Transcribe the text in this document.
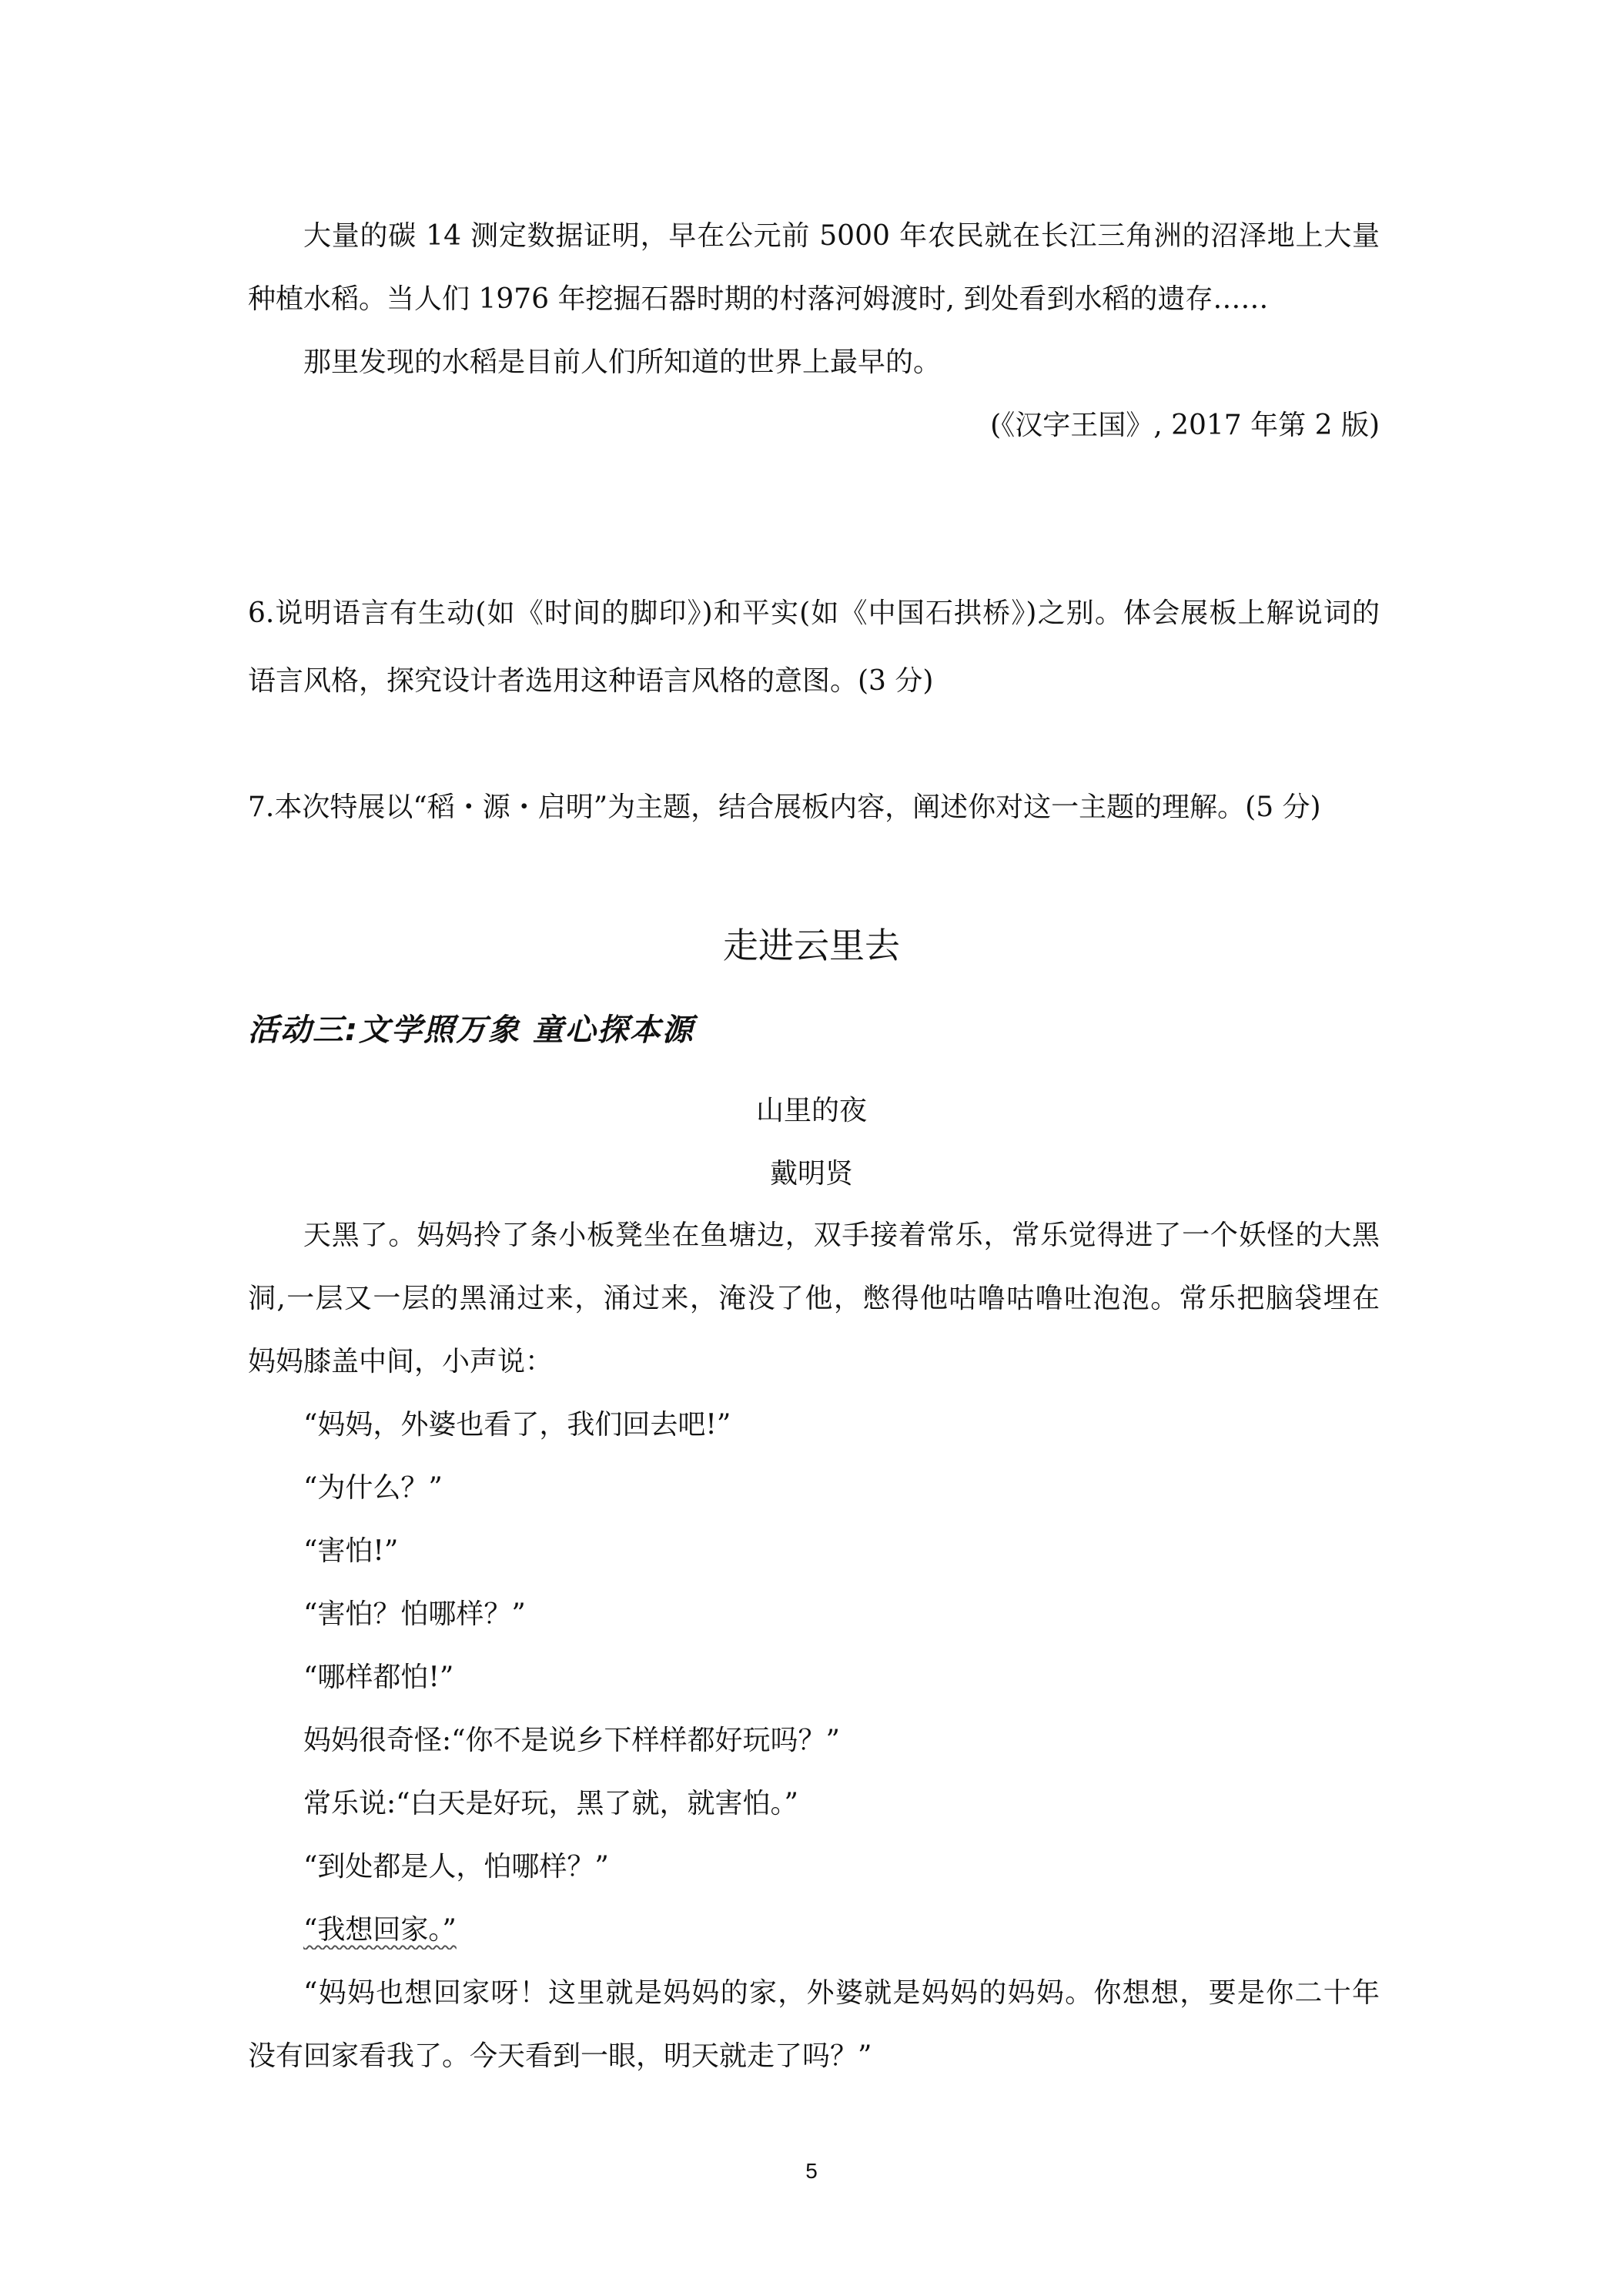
大量的碳 14 测定数据证明，早在公元前 5000 年农民就在长江三角洲的沼泽地上大量
种植水稻。当人们 1976 年挖掘石器时期的村落河姆渡时, 到处看到水稻的遗存……
那里发现的水稻是目前人们所知道的世界上最早的。
(《汉字王国》, 2017 年第 2 版)
6.说明语言有生动(如《时间的脚印》)和平实(如《中国石拱桥》)之别。体会展板上解说词的
语言风格，探究设计者选用这种语言风格的意图。(3 分)
7.本次特展以“稻・源・启明”为主题，结合展板内容，阐述你对这一主题的理解。(5 分)
走进云里去
活动三:文学照万象 童心探本源
山里的夜
戴明贤
天黑了。妈妈拎了条小板凳坐在鱼塘边，双手接着常乐，常乐觉得进了一个妖怪的大黑
洞,一层又一层的黑涌过来，涌过来，淹没了他，憋得他咕噜咕噜吐泡泡。常乐把脑袋埋在
妈妈膝盖中间，小声说：
“妈妈，外婆也看了，我们回去吧!”
“为什么？”
“害怕!”
“害怕？怕哪样？”
“哪样都怕!”
妈妈很奇怪:“你不是说乡下样样都好玩吗？”
常乐说:“白天是好玩，黑了就，就害怕。”
“到处都是人，怕哪样？”
“我想回家。”
“妈妈也想回家呀！这里就是妈妈的家，外婆就是妈妈的妈妈。你想想，要是你二十年
没有回家看我了。今天看到一眼，明天就走了吗？”
5
